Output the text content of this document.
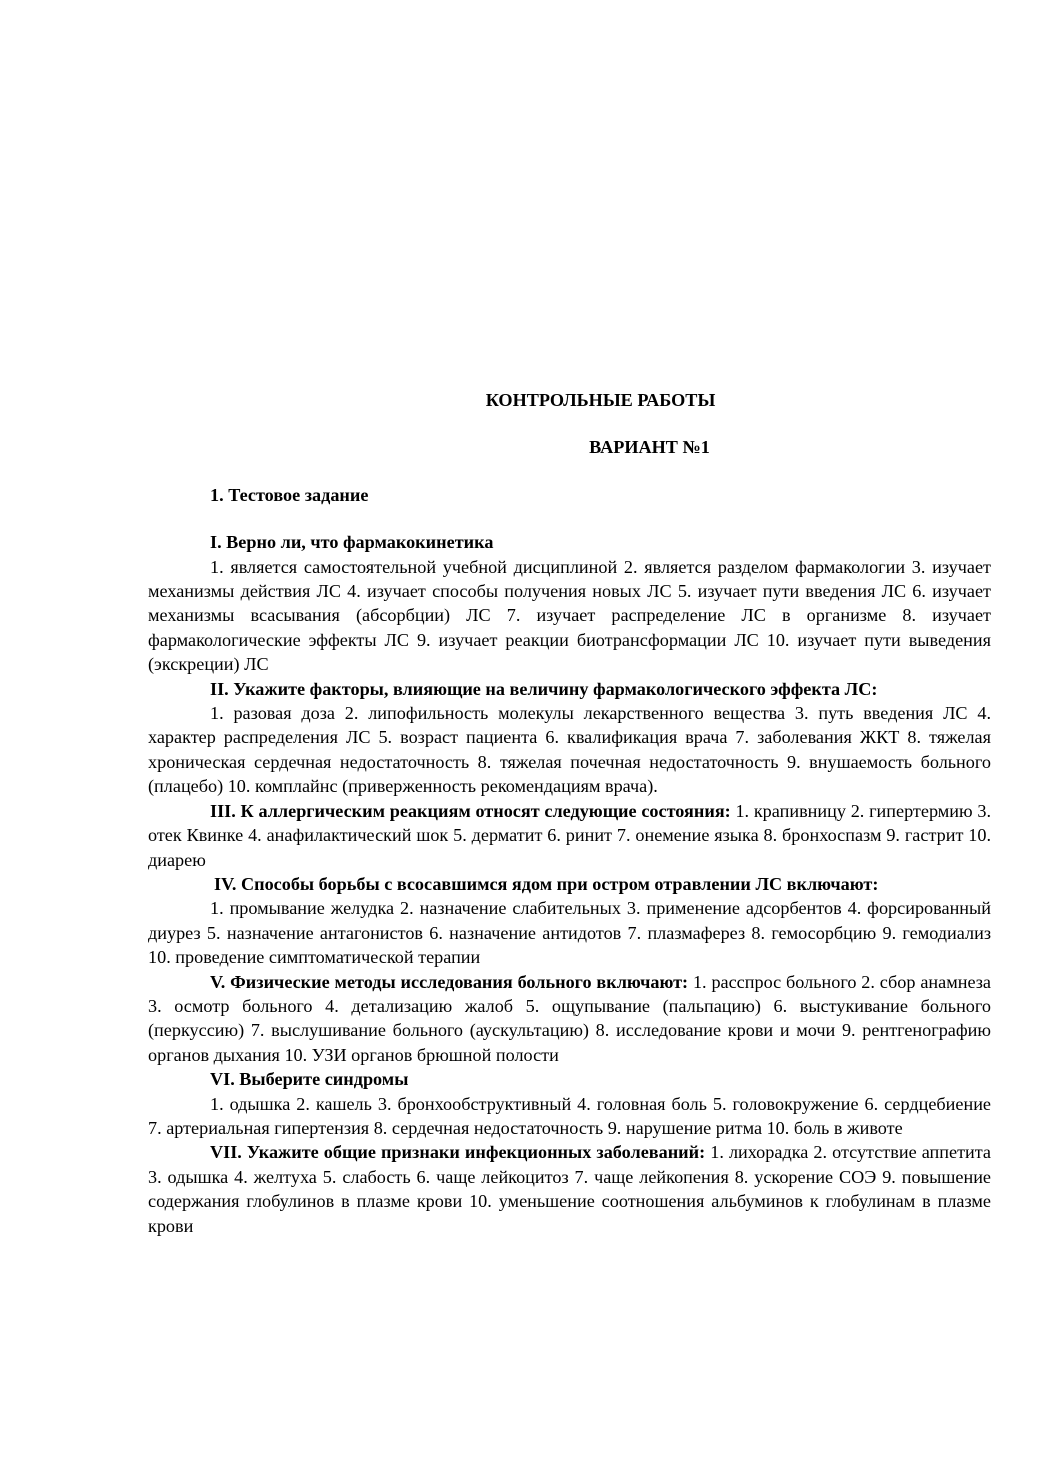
КОНТРОЛЬНЫЕ РАБОТЫ

ВАРИАНТ №1

1. Тестовое задание

I. Верно ли, что фармакокинетика
1. является самостоятельной учебной дисциплиной 2. является разделом фармакологии 3. изучает механизмы действия ЛС 4. изучает способы получения новых ЛС 5. изучает пути введения ЛС 6. изучает механизмы всасывания (абсорбции) ЛС 7. изучает распределение ЛС в организме 8. изучает фармакологические эффекты ЛС 9. изучает реакции биотрансформации ЛС 10. изучает пути выведения (экскреции) ЛС
II. Укажите факторы, влияющие на величину фармакологического эффекта ЛС:
1. разовая доза 2. липофильность молекулы лекарственного вещества 3. путь введения ЛС 4. характер распределения ЛС 5. возраст пациента 6. квалификация врача 7. заболевания ЖКТ 8. тяжелая хроническая сердечная недостаточность 8. тяжелая почечная недостаточность 9. внушаемость больного (плацебо) 10. комплайнс (приверженность рекомендациям врача).

III. К аллергическим реакциям относят следующие состояния: 1. крапивницу 2. гипертермию 3. отек Квинке 4. анафилактический шок 5. дерматит 6. ринит 7. онемение языка 8. бронхоспазм 9. гастрит 10. диарею

IV. Способы борьбы с всосавшимся ядом при остром отравлении ЛС включают:
1. промывание желудка 2. назначение слабительных 3. применение адсорбентов 4. форсированный диурез 5. назначение антагонистов 6. назначение антидотов 7. плазмаферез 8. гемосорбцию 9. гемодиализ 10. проведение симптоматической терапии

V. Физические методы исследования больного включают: 1. расспрос больного 2. сбор анамнеза 3. осмотр больного 4. детализацию жалоб 5. ощупывание (пальпацию) 6. выстукивание больного (перкуссию) 7. выслушивание больного (аускультацию) 8. исследование крови и мочи 9. рентгенографию органов дыхания 10. УЗИ органов брюшной полости

VI. Выберите синдромы
1. одышка 2. кашель 3. бронхообструктивный 4. головная боль 5. головокружение 6. сердцебиение 7. артериальная гипертензия 8. сердечная недостаточность 9. нарушение ритма 10. боль в животе

VII. Укажите общие признаки инфекционных заболеваний: 1. лихорадка 2. отсутствие аппетита 3. одышка 4. желтуха 5. слабость 6. чаще лейкоцитоз 7. чаще лейкопения 8. ускорение СОЭ 9. повышение содержания глобулинов в плазме крови 10. уменьшение соотношения альбуминов к глобулинам в плазме крови
